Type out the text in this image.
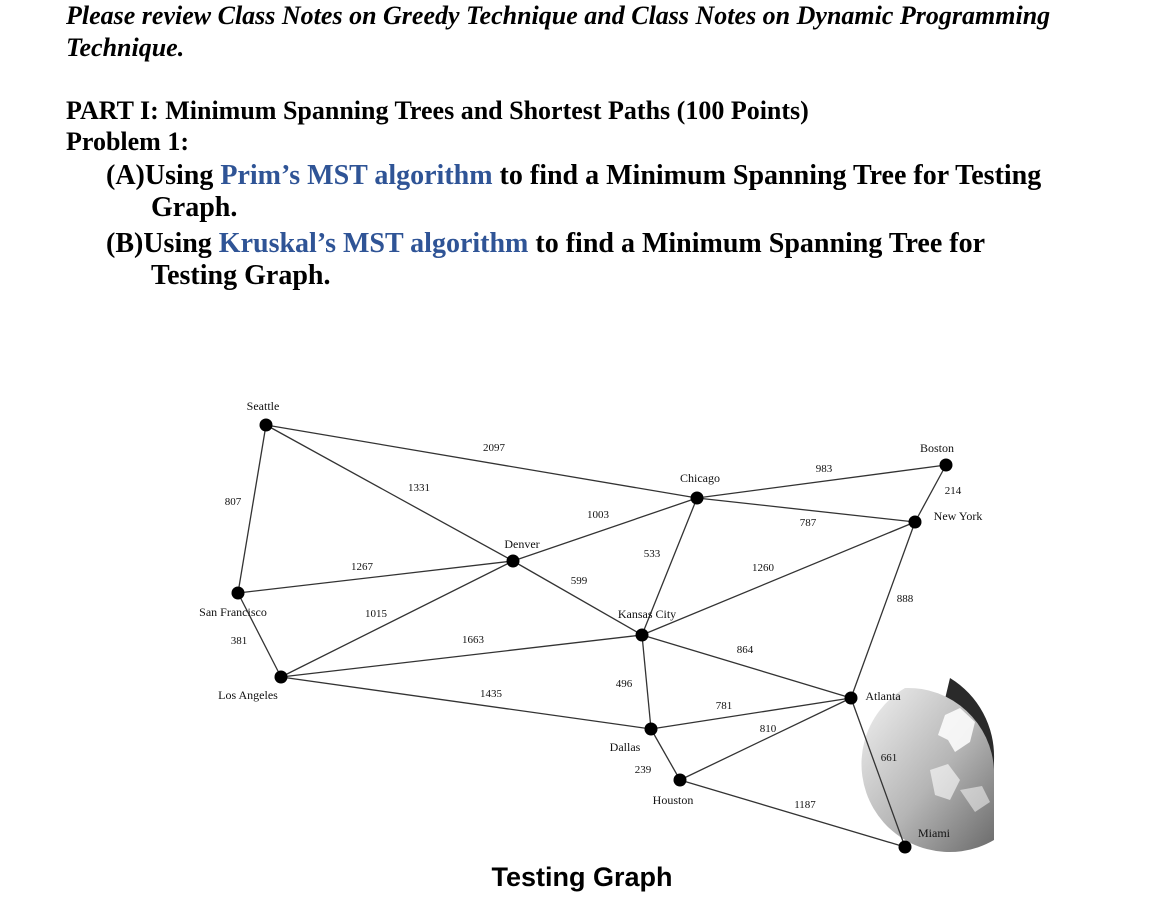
Please review Class Notes on Greedy Technique and Class Notes on Dynamic Programming Technique.
PART I: Minimum Spanning Trees and Shortest Paths (100 Points)
Problem 1:
(A)Using Prim’s MST algorithm to find a Minimum Spanning Tree for Testing
Graph.
(B)Using Kruskal’s MST algorithm to find a Minimum Spanning Tree for
Testing Graph.
807
1331
2097
1267
381
1015
1663
1435
1003
599
533
983
787
1260
864
496
214
888
781
239
810
1187
661
Seattle
San Francisco
Los Angeles
Denver
Chicago
Kansas City
Dallas
Houston
Boston
New York
Atlanta
Miami
Testing Graph
